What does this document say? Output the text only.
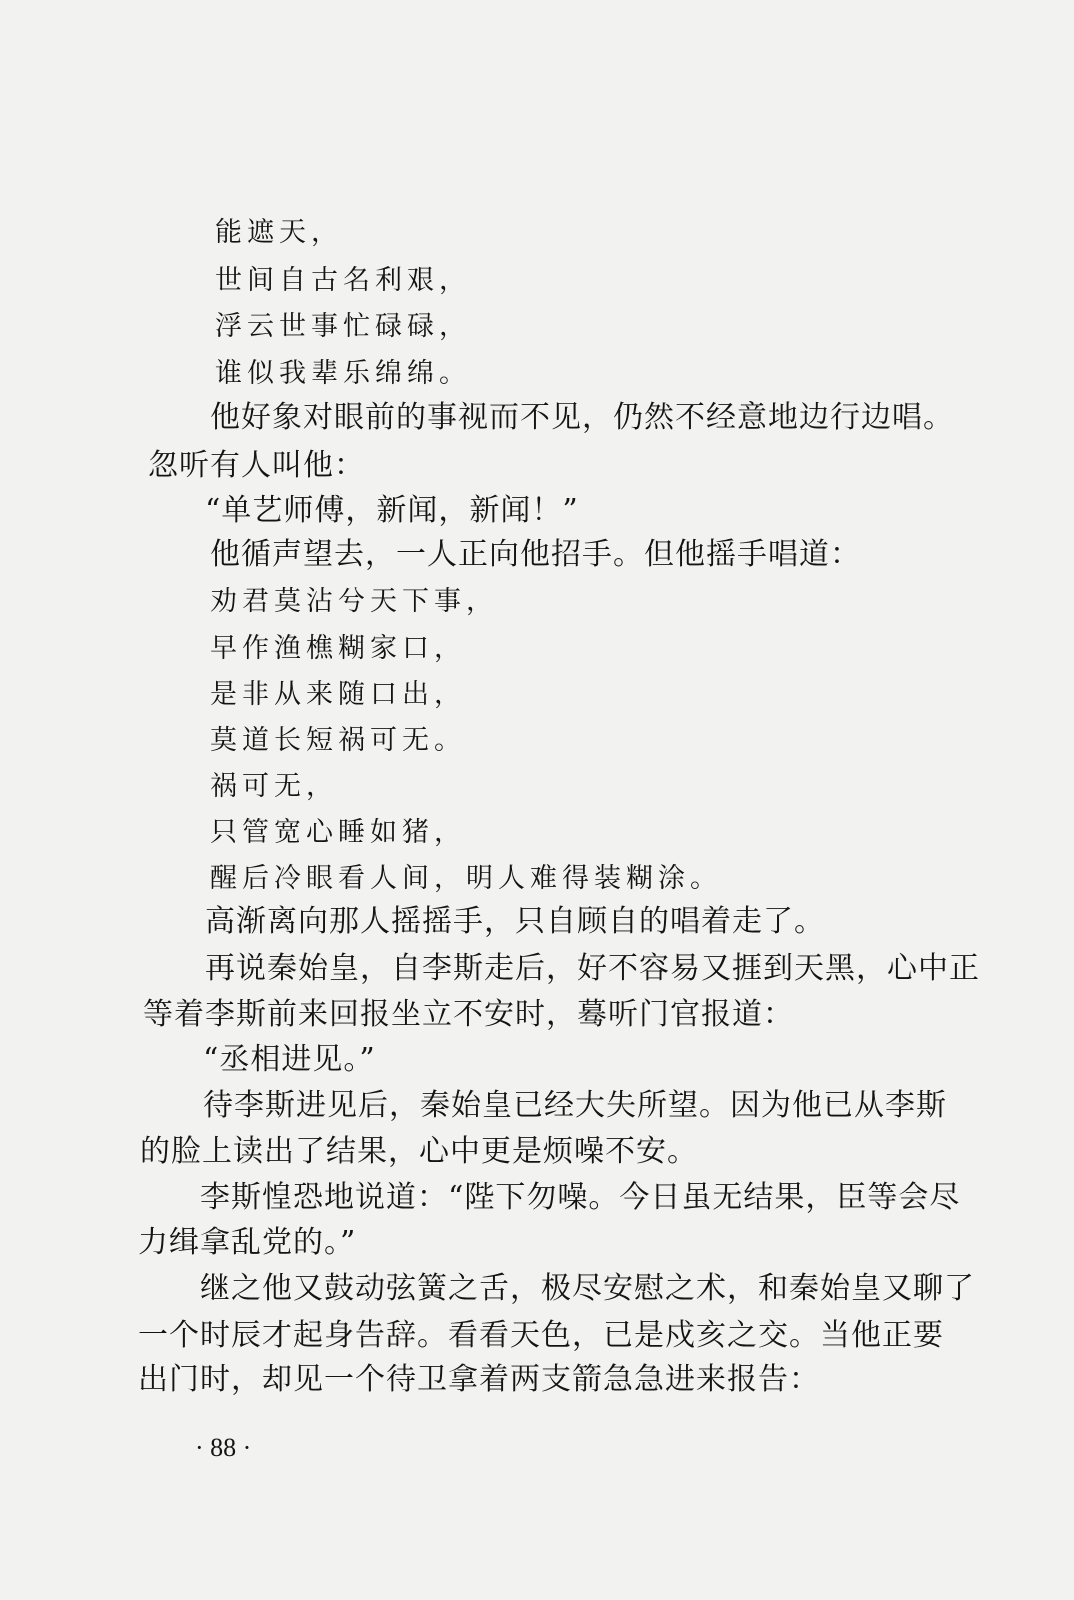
能遮天，
世间自古名利艰，
浮云世事忙碌碌，
谁似我辈乐绵绵。
他好象对眼前的事视而不见，仍然不经意地边行边唱。
忽听有人叫他：
“单艺师傅，新闻，新闻！”
他循声望去，一人正向他招手。但他摇手唱道：
劝君莫沾兮天下事，
早作渔樵糊家口，
是非从来随口出，
莫道长短祸可无。
祸可无，
只管宽心睡如猪，
醒后冷眼看人间，明人难得装糊涂。
高渐离向那人摇摇手，只自顾自的唱着走了。
再说秦始皇，自李斯走后，好不容易又捱到天黑，心中正
等着李斯前来回报坐立不安时，蓦听门官报道：
“丞相进见。”
待李斯进见后，秦始皇已经大失所望。因为他已从李斯
的脸上读出了结果，心中更是烦噪不安。
李斯惶恐地说道：“陛下勿噪。今日虽无结果，臣等会尽
力缉拿乱党的。”
继之他又鼓动弦簧之舌，极尽安慰之术，和秦始皇又聊了
一个时辰才起身告辞。看看天色，已是戍亥之交。当他正要
出门时，却见一个待卫拿着两支箭急急进来报告：
· 88 ·
